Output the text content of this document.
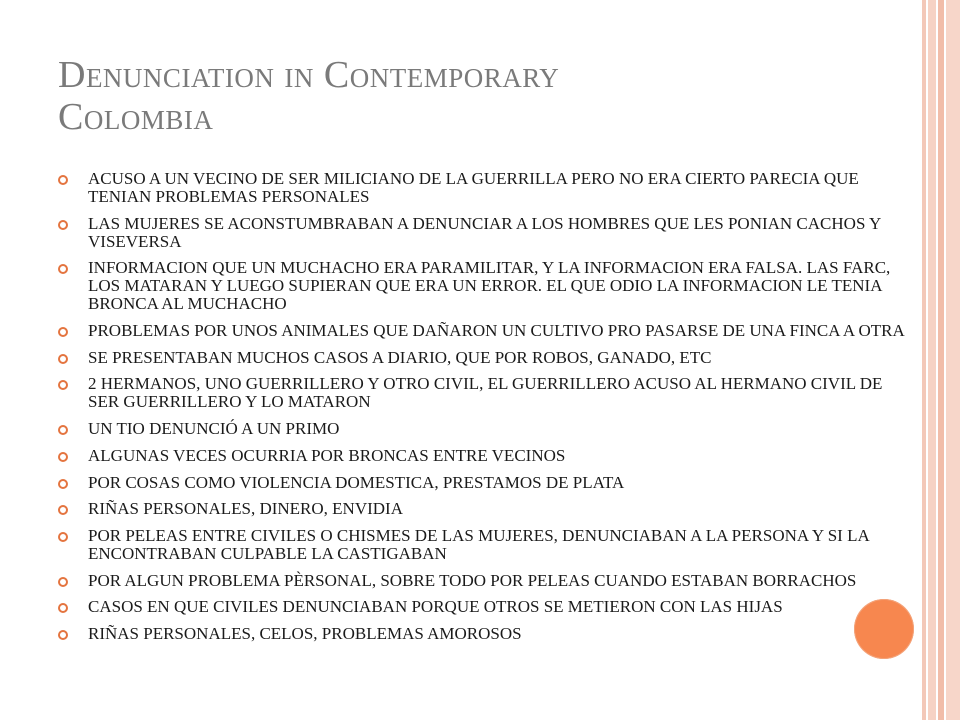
Denunciation in Contemporary
Colombia
ACUSO A UN VECINO DE SER MILICIANO DE LA GUERRILLA PERO NO ERA CIERTO PARECIA QUE TENIAN PROBLEMAS PERSONALES
LAS MUJERES SE ACONSTUMBRABAN A DENUNCIAR A LOS HOMBRES QUE LES PONIAN CACHOS Y VISEVERSA
INFORMACION QUE UN MUCHACHO ERA PARAMILITAR, Y LA INFORMACION ERA FALSA. LAS FARC, LOS MATARAN Y LUEGO SUPIERAN QUE ERA UN ERROR. EL QUE ODIO LA INFORMACION LE TENIA BRONCA AL MUCHACHO
PROBLEMAS POR UNOS ANIMALES QUE DAÑARON UN CULTIVO PRO PASARSE DE UNA FINCA A OTRA
SE PRESENTABAN MUCHOS CASOS A DIARIO, QUE POR ROBOS, GANADO, ETC
2 HERMANOS, UNO GUERRILLERO Y OTRO CIVIL, EL GUERRILLERO ACUSO AL HERMANO CIVIL DE SER GUERRILLERO Y LO MATARON
UN TIO DENUNCIÓ A UN PRIMO
ALGUNAS VECES OCURRIA POR BRONCAS ENTRE VECINOS
POR COSAS COMO VIOLENCIA DOMESTICA, PRESTAMOS DE PLATA
RIÑAS PERSONALES, DINERO, ENVIDIA
POR PELEAS ENTRE CIVILES O CHISMES DE LAS MUJERES, DENUNCIABAN A LA PERSONA Y SI LA ENCONTRABAN CULPABLE LA CASTIGABAN
POR ALGUN PROBLEMA PÈRSONAL, SOBRE TODO POR PELEAS CUANDO ESTABAN BORRACHOS
CASOS EN QUE CIVILES DENUNCIABAN PORQUE OTROS SE METIERON CON LAS HIJAS
RIÑAS PERSONALES, CELOS, PROBLEMAS AMOROSOS
